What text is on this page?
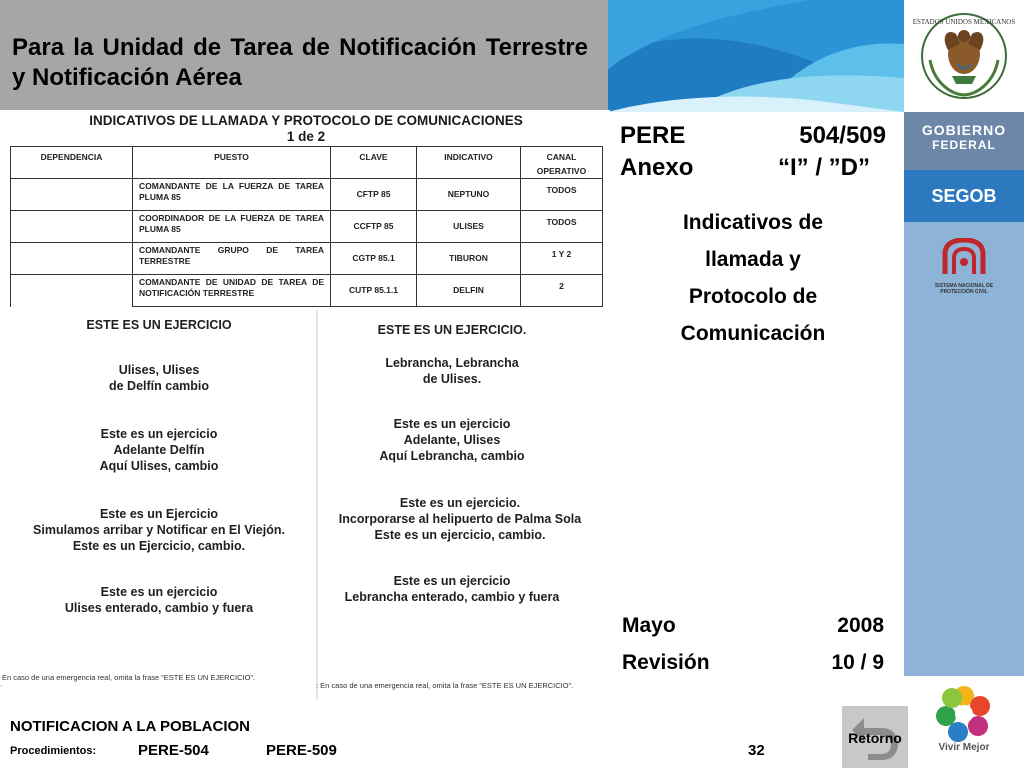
Para la Unidad de Tarea de Notificación Terrestre y Notificación Aérea
ESTADOS UNIDOS MEXICANOS
GOBIERNO
FEDERAL
SEGOB
SISTEMA NACIONAL DE PROTECCIÓN CIVIL
Vivir Mejor
PERE	504/509
Anexo	“I” / ”D”
Indicativos de
llamada y
Protocolo de
Comunicación
Mayo	2008
Revisión	10 / 9
INDICATIVOS DE LLAMADA Y PROTOCOLO DE COMUNICACIONES
1 de 2
DEPENDENCIA	PUESTO	CLAVE	INDICATIVO	CANAL OPERATIVO
	COMANDANTE DE LA FUERZA DE TAREA PLUMA 85	CFTP 85	NEPTUNO	TODOS
	COORDINADOR DE LA FUERZA DE TAREA PLUMA 85	CCFTP 85	ULISES	TODOS
	COMANDANTE GRUPO DE TAREA TERRESTRE	CGTP 85.1	TIBURON	1 Y 2
	COMANDANTE DE UNIDAD DE TAREA DE NOTIFICACIÓN TERRESTRE	CUTP 85.1.1	DELFIN	2
ESTE ES UN EJERCICIO
Ulises, Ulises
de Delfín cambio
Este es un ejercicio
Adelante Delfín
Aquí Ulises, cambio
Este es un Ejercicio
Simulamos arribar y Notificar en El Viejón.
Este es un Ejercicio, cambio.
Este es un ejercicio
Ulises enterado, cambio y fuera
En caso de una emergencia real, omita la frase “ESTE ES UN EJERCICIO”.
ˊ
ESTE ES UN EJERCICIO.
Lebrancha, Lebrancha
de Ulises.
Este es un ejercicio
Adelante, Ulises
Aquí Lebrancha, cambio
Este es un ejercicio.
Incorporarse al helipuerto de Palma Sola
Este es un ejercicio, cambio.
Este es un ejercicio
Lebrancha enterado, cambio y fuera
: En caso de una emergencia real, omita la frase “ESTE ES UN EJERCICIO”.
NOTIFICACION A LA POBLACION
Procedimientos:	PERE-504	PERE-509	32
Retorno
